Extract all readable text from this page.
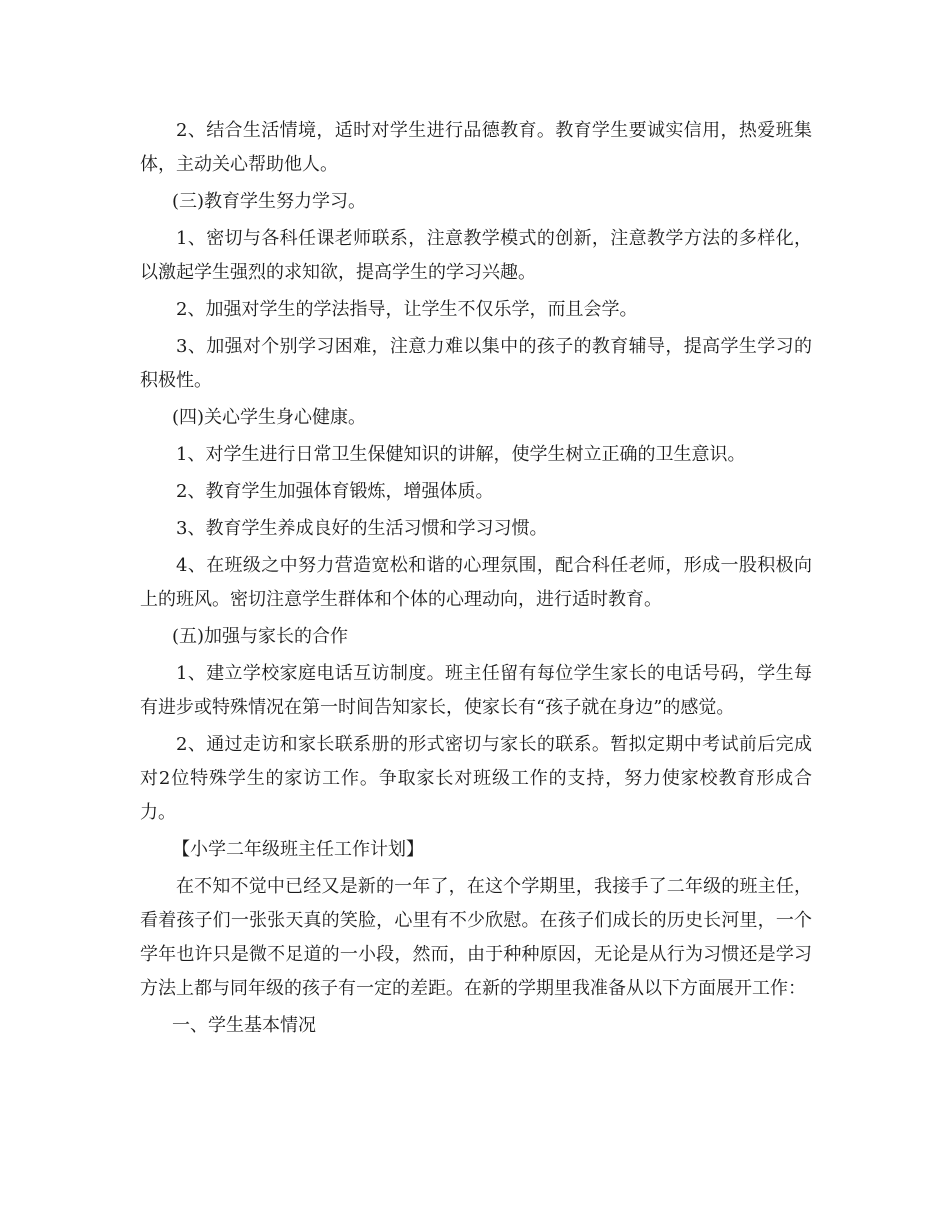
2、结合生活情境，适时对学生进行品德教育。教育学生要诚实信用，热爱班集体，主动关心帮助他人。

(三)教育学生努力学习。

1、密切与各科任课老师联系，注意教学模式的创新，注意教学方法的多样化，以激起学生强烈的求知欲，提高学生的学习兴趣。

2、加强对学生的学法指导，让学生不仅乐学，而且会学。

3、加强对个别学习困难，注意力难以集中的孩子的教育辅导，提高学生学习的积极性。

(四)关心学生身心健康。

1、对学生进行日常卫生保健知识的讲解，使学生树立正确的卫生意识。

2、教育学生加强体育锻炼，增强体质。

3、教育学生养成良好的生活习惯和学习习惯。

4、在班级之中努力营造宽松和谐的心理氛围，配合科任老师，形成一股积极向上的班风。密切注意学生群体和个体的心理动向，进行适时教育。

(五)加强与家长的合作

1、建立学校家庭电话互访制度。班主任留有每位学生家长的电话号码，学生每有进步或特殊情况在第一时间告知家长，使家长有“孩子就在身边”的感觉。

2、通过走访和家长联系册的形式密切与家长的联系。暂拟定期中考试前后完成对2位特殊学生的家访工作。争取家长对班级工作的支持，努力使家校教育形成合力。

【小学二年级班主任工作计划】

在不知不觉中已经又是新的一年了，在这个学期里，我接手了二年级的班主任，看着孩子们一张张天真的笑脸，心里有不少欣慰。在孩子们成长的历史长河里，一个学年也许只是微不足道的一小段，然而，由于种种原因，无论是从行为习惯还是学习方法上都与同年级的孩子有一定的差距。在新的学期里我准备从以下方面展开工作：

一、学生基本情况
